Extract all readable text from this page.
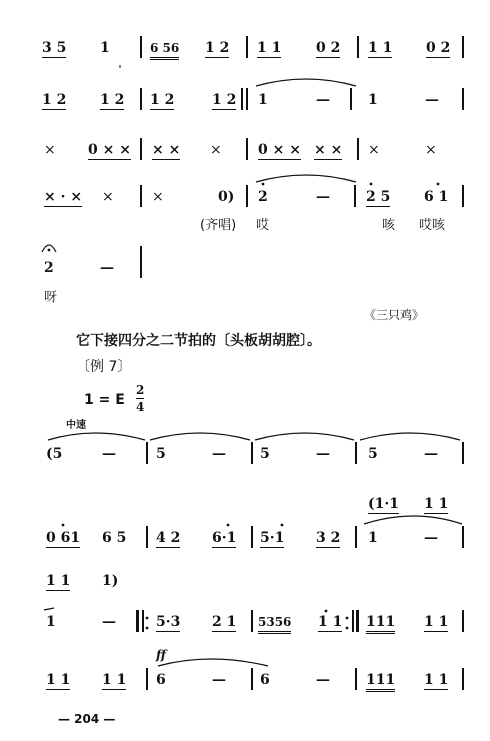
3 5 1	6 56 1 2 1 1 0 2 1 1 0 2
1 2 1 2 1 2	1 2 1	—	1	—
× 0 × × × × ×	0 × × × × ×	×
× · × ×	×	0) 2	—	2 5 6 1
(齐唱) 哎	咳 哎咳
2	—
呀
《三只鸡》
它下接四分之二节拍的〔头板胡胡腔〕。
〔例 7〕
1 = E
2
4
中速
(5	—	5	— 5	—	5	—
(1·1 1 1
0 61 6 5 4 2 6·1 5·1 3 2 1	—
1 1 1)
1	—	5·3 2 1 5356 1 1 111 1 1
ff
1 1 1 1 6	— 6	—	111 1 1
— 204 —
